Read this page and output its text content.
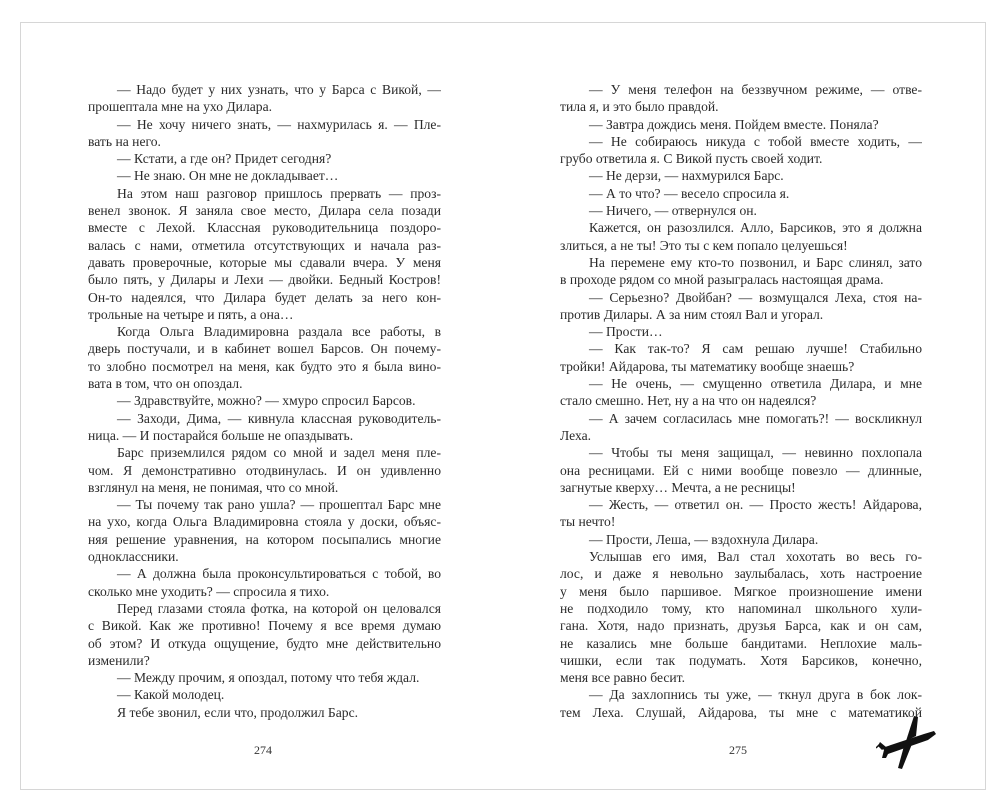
— Надо будет у них узнать, что у Барса с Викой, —
прошептала мне на ухо Дилара.
— Не хочу ничего знать, — нахмурилась я. — Пле-
вать на него.
— Кстати, а где он? Придет сегодня?
— Не знаю. Он мне не докладывает…
На этом наш разговор пришлось прервать — проз-
венел звонок. Я заняла свое место, Дилара села позади
вместе с Лехой. Классная руководительница поздоро-
валась с нами, отметила отсутствующих и начала раз-
давать проверочные, которые мы сдавали вчера. У меня
было пять, у Дилары и Лехи — двойки. Бедный Костров!
Он-то надеялся, что Дилара будет делать за него кон-
трольные на четыре и пять, а она…
Когда Ольга Владимировна раздала все работы, в
дверь постучали, и в кабинет вошел Барсов. Он почему-
то злобно посмотрел на меня, как будто это я была вино-
вата в том, что он опоздал.
— Здравствуйте, можно? — хмуро спросил Барсов.
— Заходи, Дима, — кивнула классная руководитель-
ница. — И постарайся больше не опаздывать.
Барс приземлился рядом со мной и задел меня пле-
чом. Я демонстративно отодвинулась. И он удивленно
взглянул на меня, не понимая, что со мной.
— Ты почему так рано ушла? — прошептал Барс мне
на ухо, когда Ольга Владимировна стояла у доски, объяс-
няя решение уравнения, на котором посыпались многие
одноклассники.
— А должна была проконсультироваться с тобой, во
сколько мне уходить? — спросила я тихо.
Перед глазами стояла фотка, на которой он целовался
с Викой. Как же противно! Почему я все время думаю
об этом? И откуда ощущение, будто мне действительно
изменили?
— Между прочим, я опоздал, потому что тебя ждал.
— Какой молодец.
Я тебе звонил, если что, продолжил Барс.
— У меня телефон на беззвучном режиме, — отве-
тила я, и это было правдой.
— Завтра дождись меня. Пойдем вместе. Поняла?
— Не собираюсь никуда с тобой вместе ходить, —
грубо ответила я. С Викой пусть своей ходит.
— Не дерзи, — нахмурился Барс.
— А то что? — весело спросила я.
— Ничего, — отвернулся он.
Кажется, он разозлился. Алло, Барсиков, это я должна
злиться, а не ты! Это ты с кем попало целуешься!
На перемене ему кто-то позвонил, и Барс слинял, зато
в проходе рядом со мной разыгралась настоящая драма.
— Серьезно? Двойбан? — возмущался Леха, стоя на-
против Дилары. А за ним стоял Вал и угорал.
— Прости…
— Как так-то? Я сам решаю лучше! Стабильно
тройки! Айдарова, ты математику вообще знаешь?
— Не очень, — смущенно ответила Дилара, и мне
стало смешно. Нет, ну а на что он надеялся?
— А зачем согласилась мне помогать?! — воскликнул
Леха.
— Чтобы ты меня защищал, — невинно похлопала
она ресницами. Ей с ними вообще повезло — длинные,
загнутые кверху… Мечта, а не ресницы!
— Жесть, — ответил он. — Просто жесть! Айдарова,
ты нечто!
— Прости, Леша, — вздохнула Дилара.
Услышав его имя, Вал стал хохотать во весь го-
лос, и даже я невольно заулыбалась, хоть настроение
у меня было паршивое. Мягкое произношение имени
не подходило тому, кто напоминал школьного хули-
гана. Хотя, надо признать, друзья Барса, как и он сам,
не казались мне больше бандитами. Неплохие маль-
чишки, если так подумать. Хотя Барсиков, конечно,
меня все равно бесит.
— Да захлопнись ты уже, — ткнул друга в бок лок-
тем Леха. Слушай, Айдарова, ты мне с математикой
274	275
